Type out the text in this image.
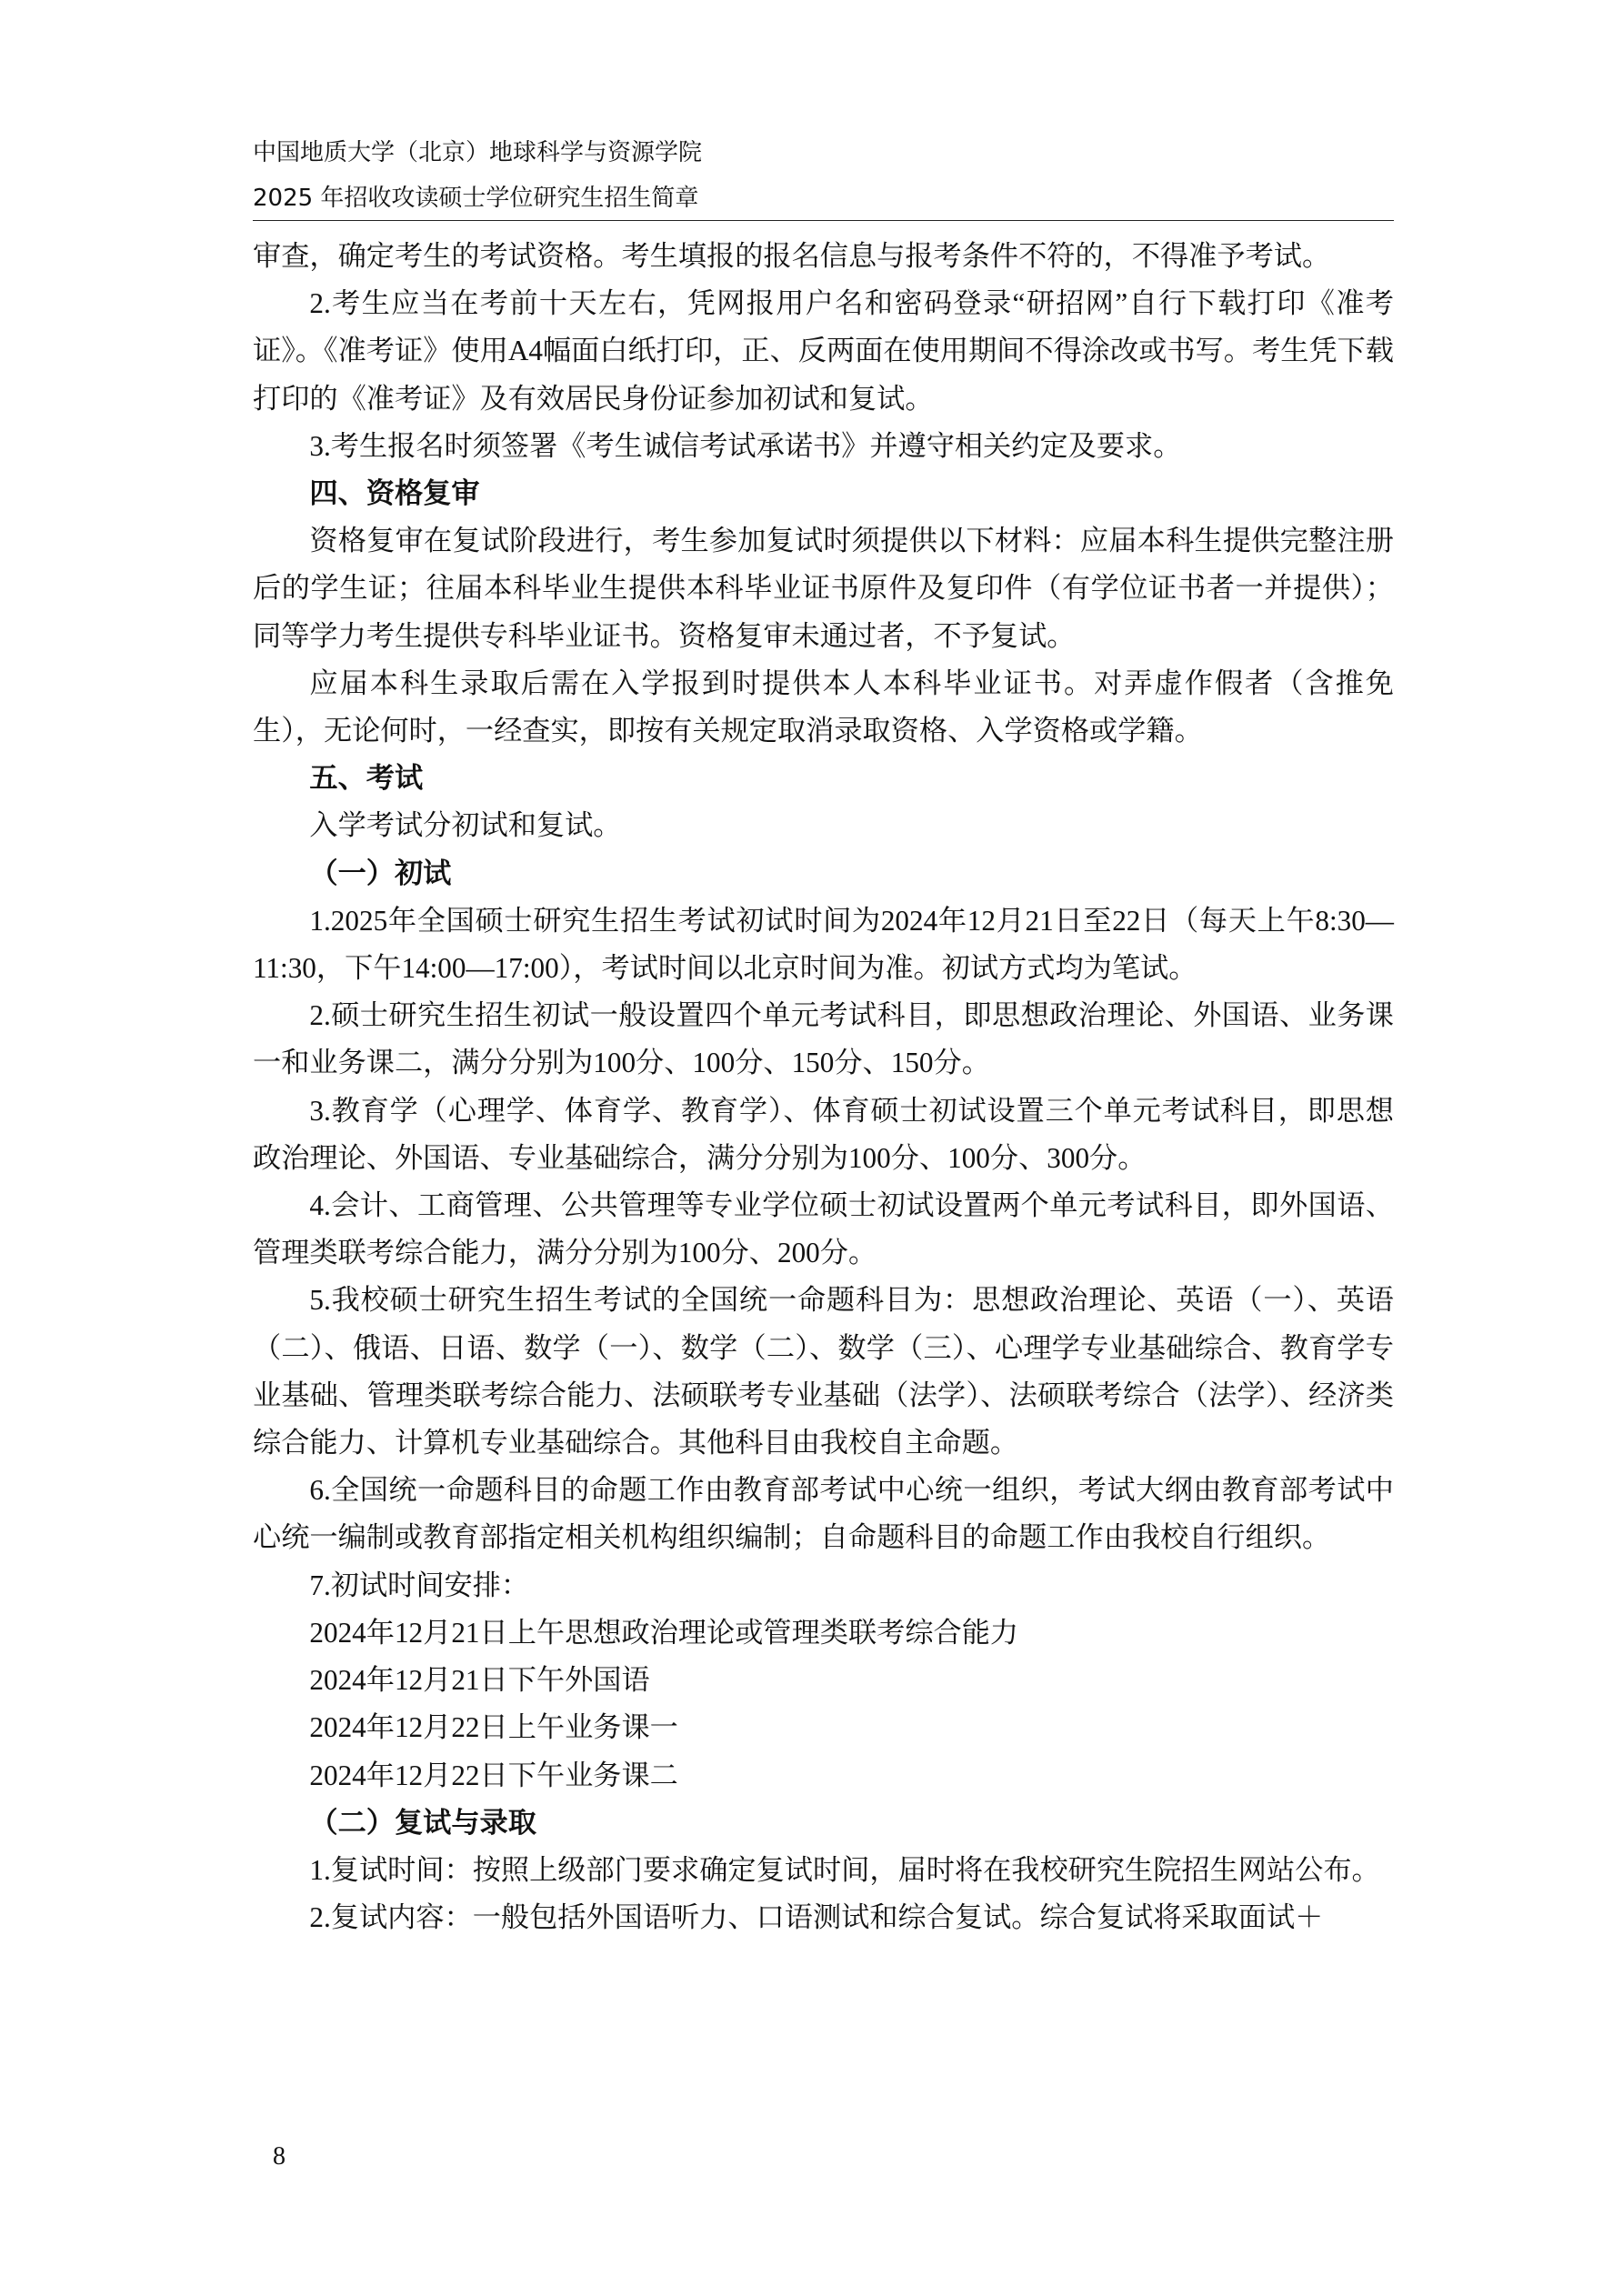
中国地质大学（北京）地球科学与资源学院
2025 年招收攻读硕士学位研究生招生简章

审查，确定考生的考试资格。考生填报的报名信息与报考条件不符的，不得准予考试。

2.考生应当在考前十天左右，凭网报用户名和密码登录“研招网”自行下载打印《准考证》。《准考证》使用A4幅面白纸打印，正、反两面在使用期间不得涂改或书写。考生凭下载打印的《准考证》及有效居民身份证参加初试和复试。

3.考生报名时须签署《考生诚信考试承诺书》并遵守相关约定及要求。

四、资格复审

资格复审在复试阶段进行，考生参加复试时须提供以下材料：应届本科生提供完整注册后的学生证；往届本科毕业生提供本科毕业证书原件及复印件（有学位证书者一并提供）；同等学力考生提供专科毕业证书。资格复审未通过者，不予复试。

应届本科生录取后需在入学报到时提供本人本科毕业证书。对弄虚作假者（含推免生），无论何时，一经查实，即按有关规定取消录取资格、入学资格或学籍。

五、考试

入学考试分初试和复试。

（一）初试

1.2025年全国硕士研究生招生考试初试时间为2024年12月21日至22日（每天上午8:30—11:30，下午14:00—17:00），考试时间以北京时间为准。初试方式均为笔试。

2.硕士研究生招生初试一般设置四个单元考试科目，即思想政治理论、外国语、业务课一和业务课二，满分分别为100分、100分、150分、150分。

3.教育学（心理学、体育学、教育学）、体育硕士初试设置三个单元考试科目，即思想政治理论、外国语、专业基础综合，满分分别为100分、100分、300分。

4.会计、工商管理、公共管理等专业学位硕士初试设置两个单元考试科目，即外国语、管理类联考综合能力，满分分别为100分、200分。

5.我校硕士研究生招生考试的全国统一命题科目为：思想政治理论、英语（一）、英语（二）、俄语、日语、数学（一）、数学（二）、数学（三）、心理学专业基础综合、教育学专业基础、管理类联考综合能力、法硕联考专业基础（法学）、法硕联考综合（法学）、经济类综合能力、计算机专业基础综合。其他科目由我校自主命题。

6.全国统一命题科目的命题工作由教育部考试中心统一组织，考试大纲由教育部考试中心统一编制或教育部指定相关机构组织编制；自命题科目的命题工作由我校自行组织。

7.初试时间安排：

2024年12月21日上午思想政治理论或管理类联考综合能力

2024年12月21日下午外国语

2024年12月22日上午业务课一

2024年12月22日下午业务课二

（二）复试与录取

1.复试时间：按照上级部门要求确定复试时间，届时将在我校研究生院招生网站公布。

2.复试内容：一般包括外国语听力、口语测试和综合复试。综合复试将采取面试＋

8
